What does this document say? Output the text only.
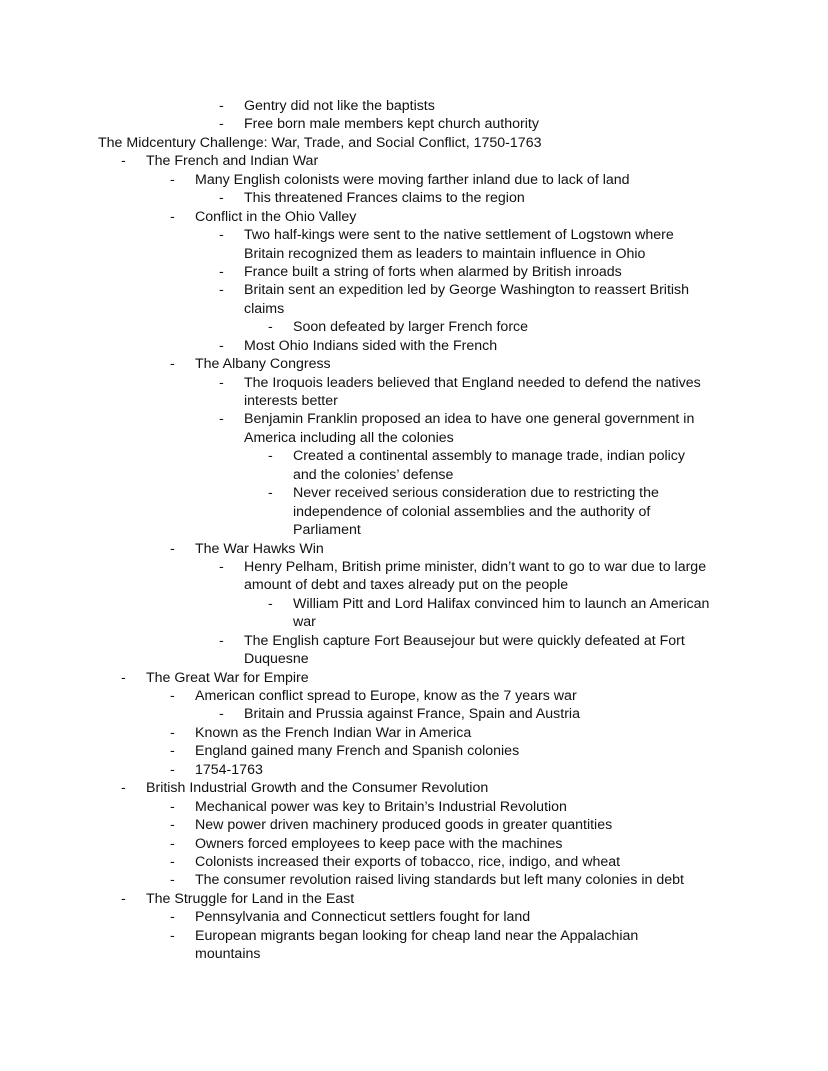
- Gentry did not like the baptists
- Free born male members kept church authority
The Midcentury Challenge: War, Trade, and Social Conflict, 1750-1763
- The French and Indian War
- Many English colonists were moving farther inland due to lack of land
- This threatened Frances claims to the region
- Conflict in the Ohio Valley
- Two half-kings were sent to the native settlement of Logstown where
Britain recognized them as leaders to maintain influence in Ohio
- France built a string of forts when alarmed by British inroads
- Britain sent an expedition led by George Washington to reassert British
claims
- Soon defeated by larger French force
- Most Ohio Indians sided with the French
- The Albany Congress
- The Iroquois leaders believed that England needed to defend the natives
interests better
- Benjamin Franklin proposed an idea to have one general government in
America including all the colonies
- Created a continental assembly to manage trade, indian policy
and the colonies’ defense
- Never received serious consideration due to restricting the
independence of colonial assemblies and the authority of
Parliament
- The War Hawks Win
- Henry Pelham, British prime minister, didn’t want to go to war due to large
amount of debt and taxes already put on the people
- William Pitt and Lord Halifax convinced him to launch an American
war
- The English capture Fort Beausejour but were quickly defeated at Fort
Duquesne
- The Great War for Empire
- American conflict spread to Europe, know as the 7 years war
- Britain and Prussia against France, Spain and Austria
- Known as the French Indian War in America
- England gained many French and Spanish colonies
- 1754-1763
- British Industrial Growth and the Consumer Revolution
- Mechanical power was key to Britain’s Industrial Revolution
- New power driven machinery produced goods in greater quantities
- Owners forced employees to keep pace with the machines
- Colonists increased their exports of tobacco, rice, indigo, and wheat
- The consumer revolution raised living standards but left many colonies in debt
- The Struggle for Land in the East
- Pennsylvania and Connecticut settlers fought for land
- European migrants began looking for cheap land near the Appalachian
mountains
